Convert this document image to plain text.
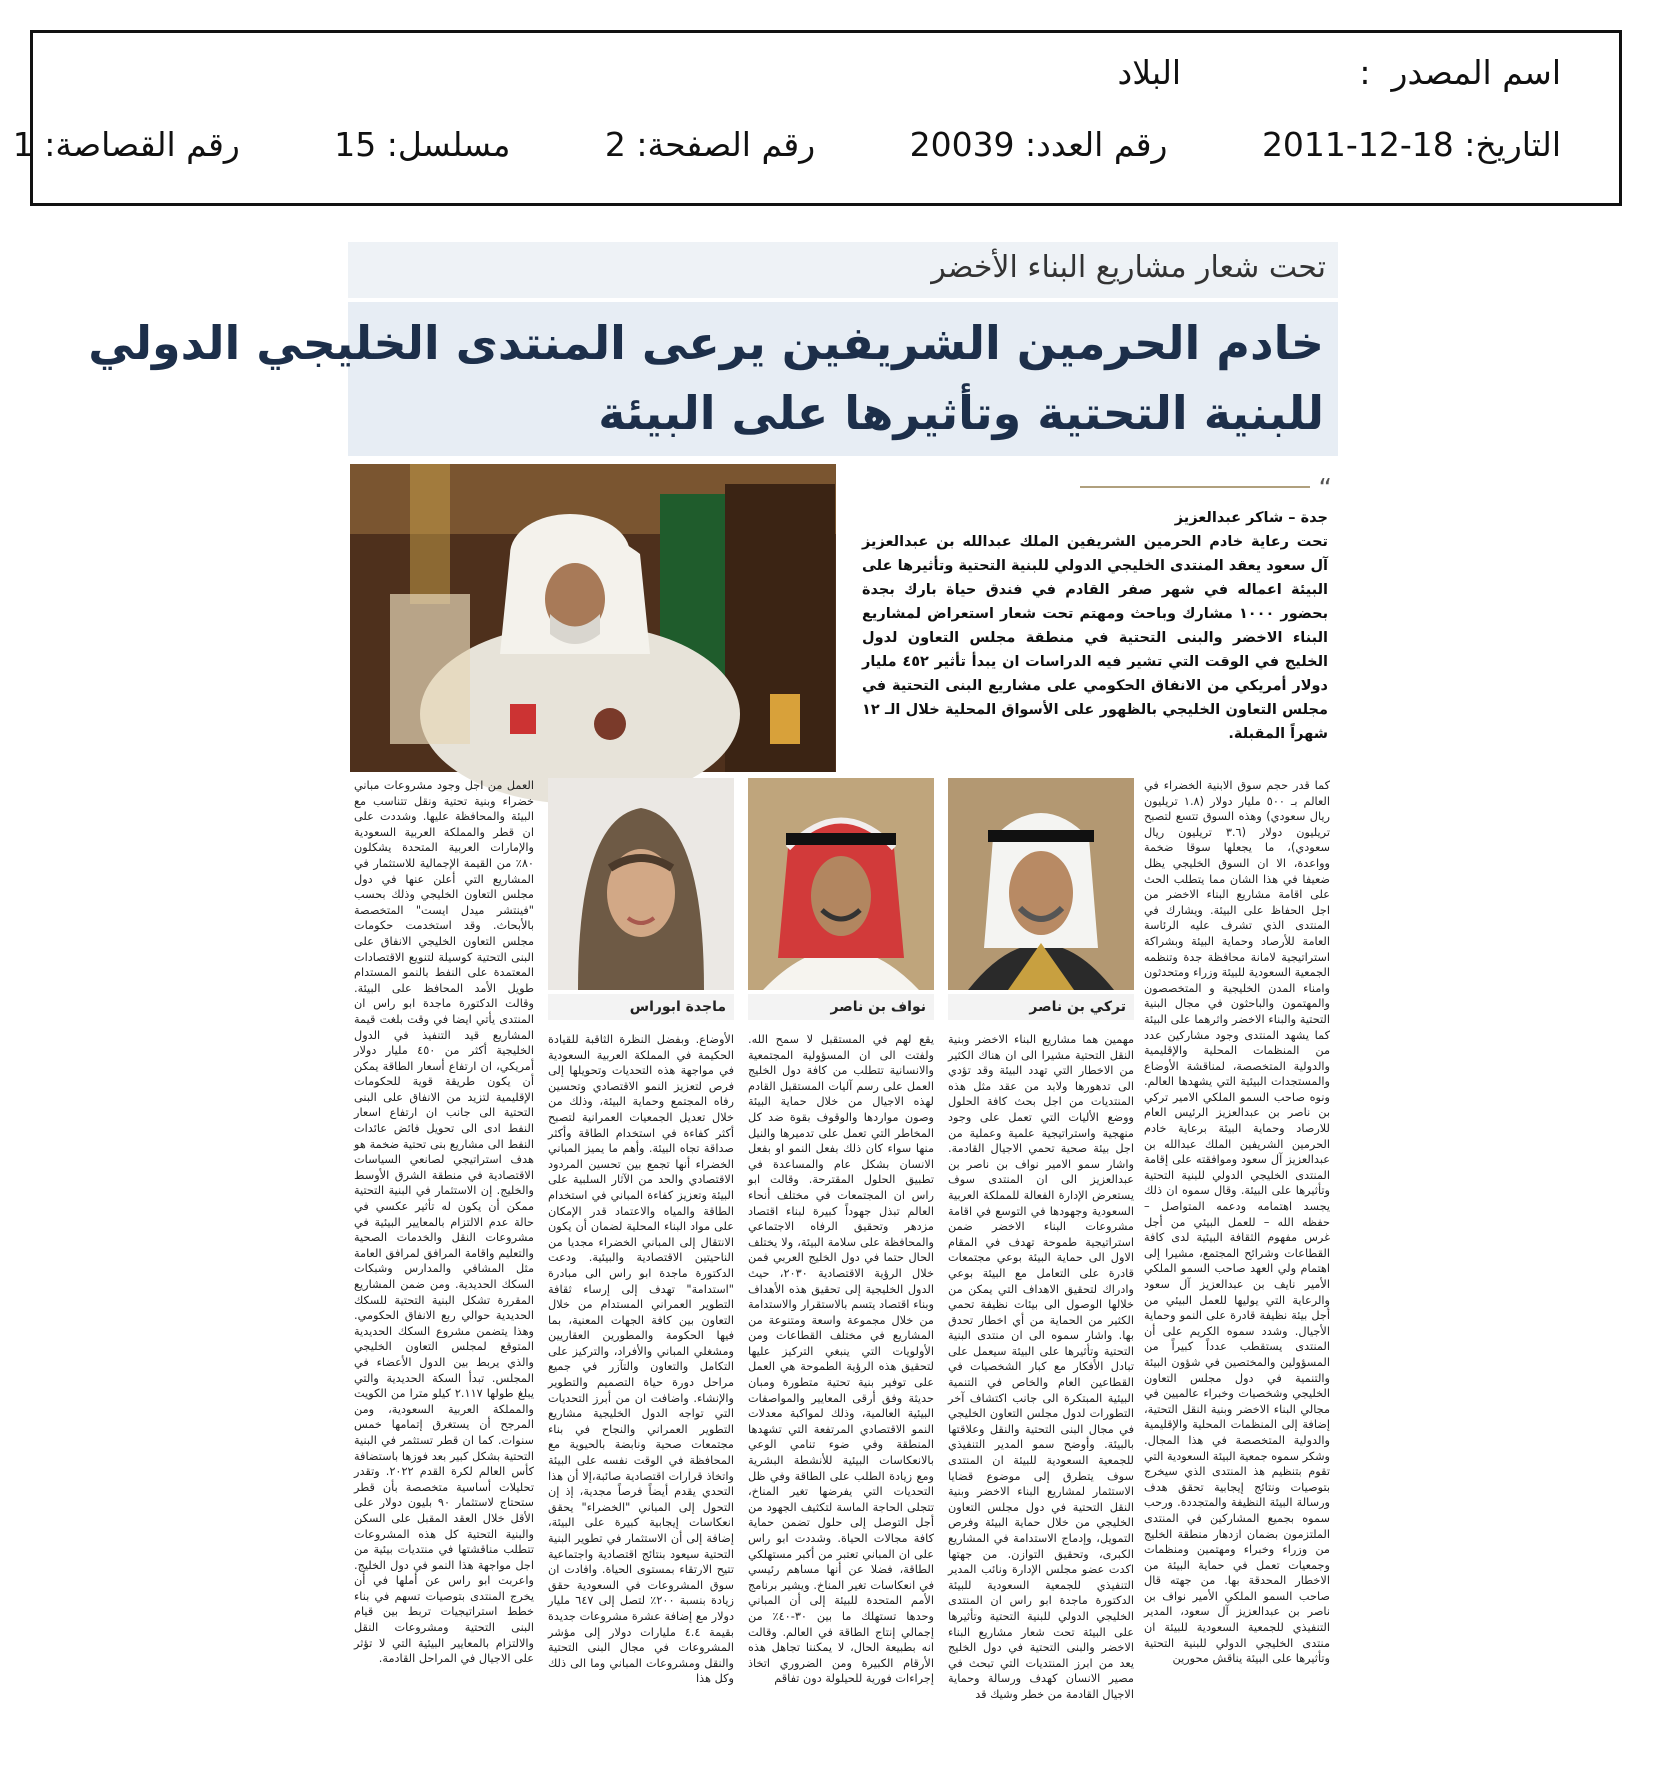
اسم المصدر  :                 البلاد
التاريخ: 2011-12-18         رقم العدد: 20039         رقم الصفحة: 2         مسلسل: 15         رقم القصاصة: 1
تحت شعار مشاريع البناء الأخضر
خادم الحرمين الشريفين يرعى المنتدى الخليجي الدولي
للبنية التحتية وتأثيرها على البيئة
“
جدة – شاكر عبدالعزيز
تحت رعاية خادم الحرمين الشريفين الملك عبدالله بن عبدالعزيز آل سعود يعقد المنتدى الخليجي الدولي للبنية التحتية وتأثيرها على البيئة اعماله في شهر صفر القادم في فندق حياة بارك بجدة بحضور ١٠٠٠ مشارك وباحث ومهتم تحت شعار استعراض لمشاريع البناء الاخضر والبنى التحتية في منطقة مجلس التعاون لدول الخليج في الوقت التي تشير فيه الدراسات ان يبدأ تأثير ٤٥٢ مليار دولار أمريكي من الانفاق الحكومي على مشاريع البنى التحتية في مجلس التعاون الخليجي بالظهور على الأسواق المحلية خلال الـ ١٢ شهراً المقبلة.
كما قدر حجم سوق الابنية الخضراء في العالم بـ ٥٠٠ مليار دولار (١.٨ تريليون ريال سعودي) وهذه السوق تتسع لتصبح تريليون دولار (٣.٦ تريليون ريال سعودي)، ما يجعلها سوقا ضخمة وواعدة، الا ان السوق الخليجي يظل ضعيفا في هذا الشان مما يتطلب الحث على اقامة مشاريع البناء الاخضر من اجل الحفاظ على البيئة. ويشارك في المنتدى الذي تشرف عليه الرئاسة العامة للأرصاد وحماية البيئة وبشراكة استراتيجية لامانة محافظة جدة وتنظمه الجمعية السعودية للبيئة وزراء ومتحدثون وامناء المدن الخليجية و المتخصصون والمهتمون والباحثون في مجال البنية التحتية والبناء الاخضر واثرهما على البيئة كما يشهد المنتدى وجود مشاركين عدد من المنظمات المحلية والإقليمية والدولية المتخصصة، لمناقشة الأوضاع والمستجدات البيئية التي يشهدها العالم. ونوه صاحب السمو الملكي الامير تركي بن ناصر بن عبدالعزيز الرئيس العام للارصاد وحماية البيئة برعاية خادم الحرمين الشريفين الملك عبدالله بن عبدالعزيز آل سعود وموافقته على إقامة المنتدى الخليجي الدولي للبنية التحتية وتأثيرها على البيئة. وقال سموه ان ذلك يجسد اهتمامه ودعمه المتواصل – حفظه الله – للعمل البيئي من أجل غرس مفهوم الثقافة البيئية لدى كافة القطاعات وشرائح المجتمع، مشيرا إلى اهتمام ولي العهد صاحب السمو الملكي الأمير نايف بن عبدالعزيز آل سعود والرعاية التي يوليها للعمل البيئي من أجل بيئة نظيفة قادرة على النمو وحماية الأجيال. وشدد سموه الكريم على أن المنتدى يستقطب عدداً كبيراً من المسؤولين والمختصين في شؤون البيئة والتنمية في دول مجلس التعاون الخليجي وشخصيات وخبراء عالميين في مجالي البناء الاخضر وبنية النقل التحتية، إضافة إلى المنظمات المحلية والإقليمية والدولية المتخصصة في هذا المجال. وشكر سموه جمعية البيئة السعودية التي تقوم بتنظيم هذ المنتدى الذي سيخرج بتوصيات ونتائج إيجابية تحقق هدف ورسالة البيئة النظيفة والمتجددة. ورحب سموه بجميع المشاركين في المنتدى الملتزمون بضمان ازدهار منطقة الخليج من وزراء وخبراء ومهتمين ومنظمات وجمعيات تعمل في حماية البيئة من الاخطار المحدقة بها. من جهته قال صاحب السمو الملكي الأمير نواف بن ناصر بن عبدالعزيز آل سعود، المدير التنفيذي للجمعية السعودية للبيئة ان منتدى الخليجي الدولي للبنية التحتية وتأثيرها على البيئة يناقش محورين
تركي بن ناصر
نواف بن ناصر
ماجدة ابوراس
مهمين هما مشاريع البناء الاخضر وبنية النقل التحتية مشيرا الى ان هناك الكثير من الاخطار التي تهدد البيئة وقد تؤدي الى تدهورها ولابد من عقد مثل هذه المنتديات من اجل بحث كافة الحلول ووضع الأليات التي تعمل على وجود منهجية واستراتيجية علمية وعملية من اجل بيئة صحية تحمي الاجيال القادمة. واشار سمو الامير نواف بن ناصر بن عبدالعزيز الى ان المنتدى سوف يستعرض الإدارة الفعالة للمملكة العربية السعودية وجهودها في التوسع في اقامة مشروعات البناء الاخضر ضمن استراتيجية طموحة تهدف في المقام الاول الى حماية البيئة بوعي مجتمعات قادرة على التعامل مع البيئة بوعي وادراك لتحقيق الاهداف التي يمكن من خلالها الوصول الى بيئات نظيفة تحمي الكثير من الحماية من أي اخطار تحدق بها. واشار سموه الى ان منتدى البنية التحتية وتأثيرها على البيئة سيعمل على تبادل الأفكار مع كبار الشخصيات في القطاعين العام والخاص في التنمية البيئية المبتكرة الى جانب اكتشاف آخر التطورات لدول مجلس التعاون الخليجي في مجال البنى التحتية والنقل وعلاقتها بالبيئة. وأوضح سمو المدير التنفيذي للجمعية السعودية للبيئة ان المنتدى سوف يتطرق إلى موضوع قضايا الاستثمار لمشاريع البناء الاخضر وبنية النقل التحتية في دول مجلس التعاون الخليجي من خلال حماية البيئة وفرص التمويل، وإدماج الاستدامة في المشاريع الكبرى، وتحقيق التوازن. من جهتها اكدت عضو مجلس الإدارة ونائب المدير التنفيذي للجمعية السعودية للبيئة الدكتورة ماجدة ابو راس ان المنتدى الخليجي الدولي للبنية التحتية وتأثيرها على البيئة تحت شعار مشاريع البناء الاخضر والبنى التحتية في دول الخليج يعد من ابرز المنتديات التي تبحث في مصير الانسان كهدف ورسالة وحماية الاجيال القادمة من خطر وشيك قد
يقع لهم في المستقبل لا سمح الله. ولفتت الى ان المسؤولية المجتمعية والانسانية تتطلب من كافة دول الخليج العمل على رسم آليات المستقبل القادم لهذه الاجيال من خلال حماية البيئة وصون مواردها والوقوف بقوة ضد كل المخاطر التي تعمل على تدميرها والنيل منها سواء كان ذلك بفعل النمو او بفعل الانسان بشكل عام والمساعدة في تطبيق الحلول المقترحة. وقالت ابو راس ان المجتمعات في مختلف أنحاء العالم تبذل جهوداً كبيرة لبناء اقتصاد مزدهر وتحقيق الرفاه الاجتماعي والمحافظة على سلامة البيئة، ولا يختلف الحال حتما في دول الخليج العربي فمن خلال الرؤية الاقتصادية ٢٠٣٠، حيث الدول الخليجية إلى تحقيق هذه الأهداف وبناء اقتصاد يتسم بالاستقرار والاستدامة من خلال مجموعة واسعة ومتنوعة من المشاريع في مختلف القطاعات ومن الأولويات التي ينبغي التركيز عليها لتحقيق هذه الرؤية الطموحة هي العمل على توفير بنية تحتية متطورة ومبان حديثة وفق أرقى المعايير والمواصفات البيئية العالمية، وذلك لمواكبة معدلات النمو الاقتصادي المرتفعة التي تشهدها المنطقة وفي ضوء تنامي الوعي بالانعكاسات البيئية للأنشطة البشرية ومع زيادة الطلب على الطاقة وفي ظل التحديات التي يفرضها تغير المناخ، تتجلى الحاجة الماسة لتكثيف الجهود من أجل التوصل إلى حلول تضمن حماية كافة مجالات الحياة. وشددت ابو راس على ان المباني تعتبر من أكبر مستهلكي الطاقة، فضلا عن أنها مساهم رئيسي في انعكاسات تغير المناخ. ويشير برنامج الأمم المتحدة للبيئة إلى أن المباني وحدها تستهلك ما بين ٣٠-٤٠٪ من إجمالي إنتاج الطاقة في العالم. وقالت انه بطبيعة الحال، لا يمكننا تجاهل هذه الأرقام الكبيرة ومن الضروري اتخاذ إجراءات فورية للحيلولة دون تفاقم
الأوضاع. وبفضل النظرة الثاقبة للقيادة الحكيمة في المملكة العربية السعودية في مواجهة هذه التحديات وتحويلها إلى فرص لتعزيز النمو الاقتصادي وتحسين رفاه المجتمع وحماية البيئة، وذلك من خلال تعديل الجمعيات العمرانية لتصبح أكثر كفاءة في استخدام الطاقة وأكثر صداقة تجاه البيئة. وأهم ما يميز المباني الخضراء أنها تجمع بين تحسين المردود الاقتصادي والحد من الآثار السلبية على البيئة وتعزيز كفاءة المباني في استخدام الطاقة والمياه والاعتماد قدر الإمكان على مواد البناء المحلية لضمان أن يكون الانتقال إلى المباني الخضراء مجديا من الناحيتين الاقتصادية والبيئية. ودعت الدكتورة ماجدة ابو راس الى مبادرة "استدامة" تهدف إلى إرساء ثقافة التطوير العمراني المستدام من خلال التعاون بين كافة الجهات المعنية، بما فيها الحكومة والمطورين العقاريين ومشغلي المباني والأفراد، والتركيز على التكامل والتعاون والتآزر في جميع مراحل دورة حياة التصميم والتطوير والإنشاء. واضافت ان من أبرز التحديات التي تواجه الدول الخليجية مشاريع التطوير العمراني والنجاح في بناء مجتمعات صحية ونابضة بالحيوية مع المحافظة في الوقت نفسه على البيئة واتخاذ قرارات اقتصادية صائبة،إلا أن هذا التحدي يقدم أيضاً فرصاً مجدية، إذ إن التحول إلى المباني "الخضراء" يحقق انعكاسات إيجابية كبيرة على البيئة، إضافة إلى أن الاستثمار في تطوير البنية التحتية سيعود بنتائج اقتصادية واجتماعية تتيح الارتقاء بمستوى الحياة. وافادت ان سوق المشروعات في السعودية حقق زيادة بنسبة ٢٠٠٪ لتصل إلى ٦٤٧ مليار دولار مع إضافة عشرة مشروعات جديدة بقيمة ٤.٤ مليارات دولار إلى مؤشر المشروعات في مجال البنى التحتية والنقل ومشروعات المباني وما الى ذلك وكل هذا
العمل من اجل وجود مشروعات مباني خضراء وبنية تحتية ونقل تتناسب مع البيئة والمحافظة عليها. وشددت على ان قطر والمملكة العربية السعودية والإمارات العربية المتحدة يشكلون ٨٠٪ من القيمة الإجمالية للاستثمار في المشاريع التي أعلن عنها في دول مجلس التعاون الخليجي وذلك بحسب "فينتشر ميدل ايست" المتخصصة بالأبحاث. وقد استخدمت حكومات مجلس التعاون الخليجي الانفاق على البنى التحتية كوسيلة لتنويع الاقتصادات المعتمدة على النفط بالنمو المستدام طويل الأمد المحافظ على البيئة. وقالت الدكتورة ماجدة ابو راس ان المنتدى يأتي ايضا في وقت بلغت قيمة المشاريع قيد التنفيذ في الدول الخليجية أكثر من ٤٥٠ مليار دولار أمريكي، ان ارتفاع أسعار الطاقة يمكن أن يكون طريقة قوية للحكومات الإقليمية لتزيد من الانفاق على البنى التحتية الى جانب ان ارتفاع اسعار النفط ادى الى تحويل فائض عائدات النفط الى مشاريع بنى تحتية ضخمة هو هدف استراتيجي لصانعي السياسات الاقتصادية في منطقة الشرق الأوسط والخليج. إن الاستثمار في البنية التحتية ممكن أن يكون له تأثير عكسي في حالة عدم الالتزام بالمعايير البيئية في مشروعات النقل والخدمات الصحية والتعليم واقامة المرافق لمرافق العامة مثل المشافي والمدارس وشبكات السكك الحديدية. ومن ضمن المشاريع المقررة تشكل البنية التحتية للسكك الحديدية حوالي ربع الانفاق الحكومي. وهذا يتضمن مشروع السكك الحديدية المتوقع لمجلس التعاون الخليجي والذي يربط بين الدول الأعضاء في المجلس. تبدأ السكة الحديدية والتي يبلغ طولها ٢.١١٧ كيلو مترا من الكويت والمملكة العربية السعودية، ومن المرجح أن يستغرق إتمامها خمس سنوات. كما ان قطر تستثمر في البنية التحتية بشكل كبير بعد فوزها باستضافة كأس العالم لكرة القدم ٢٠٢٢. وتقدر تحليلات أساسية متخصصة بأن قطر ستحتاج لاستثمار ٩٠ بليون دولار على الأقل خلال العقد المقبل على السكن والبنية التحتية كل هذه المشروعات تتطلب مناقشتها في منتديات بيئية من اجل مواجهة هذا النمو في دول الخليج. واعربت ابو راس عن أملها في أن يخرج المنتدى بتوصيات تسهم في بناء خطط استراتيجيات تربط بين قيام البنى التحتية ومشروعات النقل والالتزام بالمعايير البيئية التي لا تؤثر على الاجيال في المراحل القادمة.
